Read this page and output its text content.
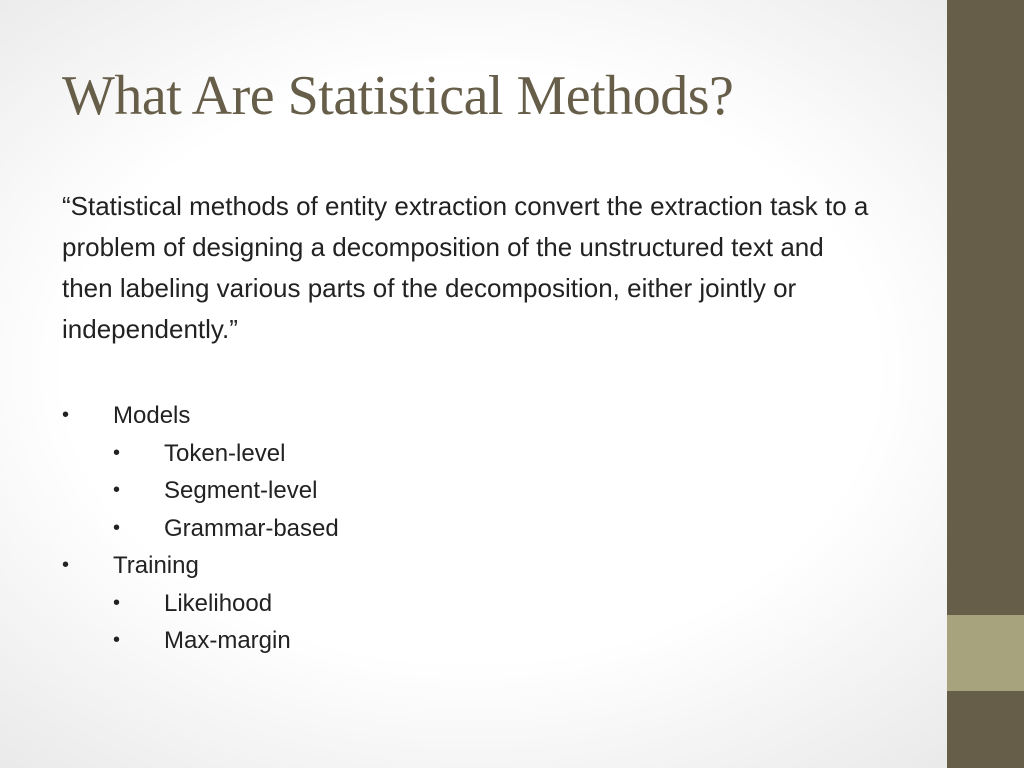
What Are Statistical Methods?

“Statistical methods of entity extraction convert the extraction task to a problem of designing a decomposition of the unstructured text and then labeling various parts of the decomposition, either jointly or independently.”

• Models
• Token-level
• Segment-level
• Grammar-based
• Training
• Likelihood
• Max-margin
